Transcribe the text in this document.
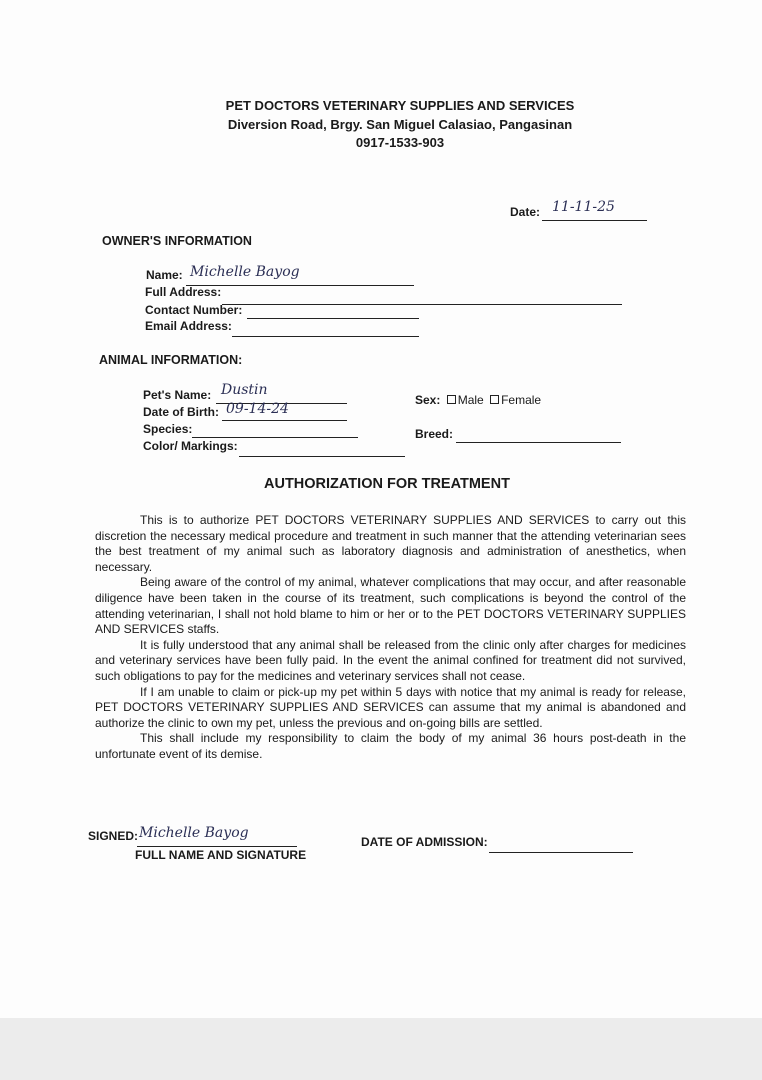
PET DOCTORS VETERINARY SUPPLIES AND SERVICES
Diversion Road, Brgy. San Miguel Calasiao, Pangasinan
0917-1533-903
Date: 11-11-25
OWNER'S INFORMATION
Name: Michelle Bayog
Full Address:
Contact Number:
Email Address:
ANIMAL INFORMATION:
Pet's Name: Dustin
Date of Birth: 09-14-24
Species:
Color/ Markings:
Sex: Male Female
Breed:
AUTHORIZATION FOR TREATMENT

This is to authorize PET DOCTORS VETERINARY SUPPLIES AND SERVICES to carry out this discretion the necessary medical procedure and treatment in such manner that the attending veterinarian sees the best treatment of my animal such as laboratory diagnosis and administration of anesthetics, when necessary.

Being aware of the control of my animal, whatever complications that may occur, and after reasonable diligence have been taken in the course of its treatment, such complications is beyond the control of the attending veterinarian, I shall not hold blame to him or her or to the PET DOCTORS VETERINARY SUPPLIES AND SERVICES staffs.

It is fully understood that any animal shall be released from the clinic only after charges for medicines and veterinary services have been fully paid. In the event the animal confined for treatment did not survived, such obligations to pay for the medicines and veterinary services shall not cease.

If I am unable to claim or pick-up my pet within 5 days with notice that my animal is ready for release, PET DOCTORS VETERINARY SUPPLIES AND SERVICES can assume that my animal is abandoned and authorize the clinic to own my pet, unless the previous and on-going bills are settled.

This shall include my responsibility to claim the body of my animal 36 hours post-death in the unfortunate event of its demise.

SIGNED: Michelle Bayog
FULL NAME AND SIGNATURE
DATE OF ADMISSION:
